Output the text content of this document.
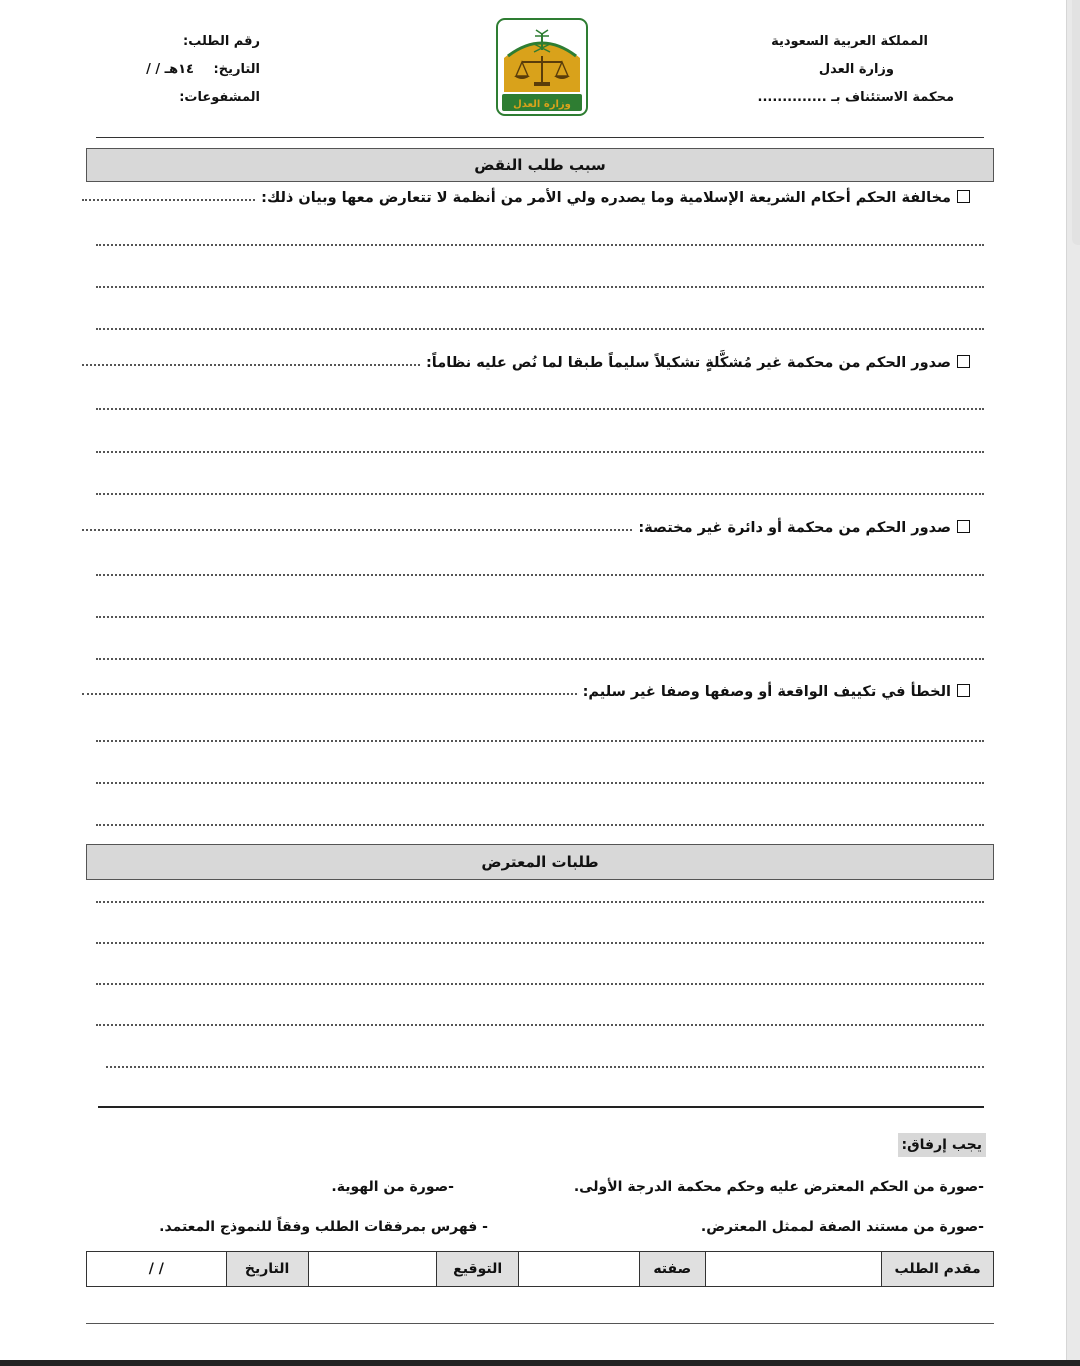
المملكة العربية السعودية
وزارة العدل
محكمة الاستئناف بـ ..............
وزارة العدل
رقم الطلب:
التاريخ:
/ / ١٤هـ
المشفوعات:
سبب طلب النقض
مخالفة الحكم أحكام الشريعة الإسلامية وما يصدره ولي الأمر من أنظمة لا تتعارض معها وبيان ذلك:
صدور الحكم من محكمة غير مُشكَّلةٍ تشكيلاً سليماً طبقا لما نُص عليه نظاماً:
صدور الحكم من محكمة أو دائرة غير مختصة:
الخطأ في تكييف الواقعة أو وصفها وصفا غير سليم:
طلبات المعترض
يجب إرفاق:
-صورة من الحكم المعترض عليه وحكم محكمة الدرجة الأولى.
-صورة من الهوية.
-صورة من مستند الصفة لممثل المعترض.
- فهرس بمرفقات الطلب وفقاً للنموذج المعتمد.
مقدم الطلب
صفته
التوقيع
التاريخ
/ /
